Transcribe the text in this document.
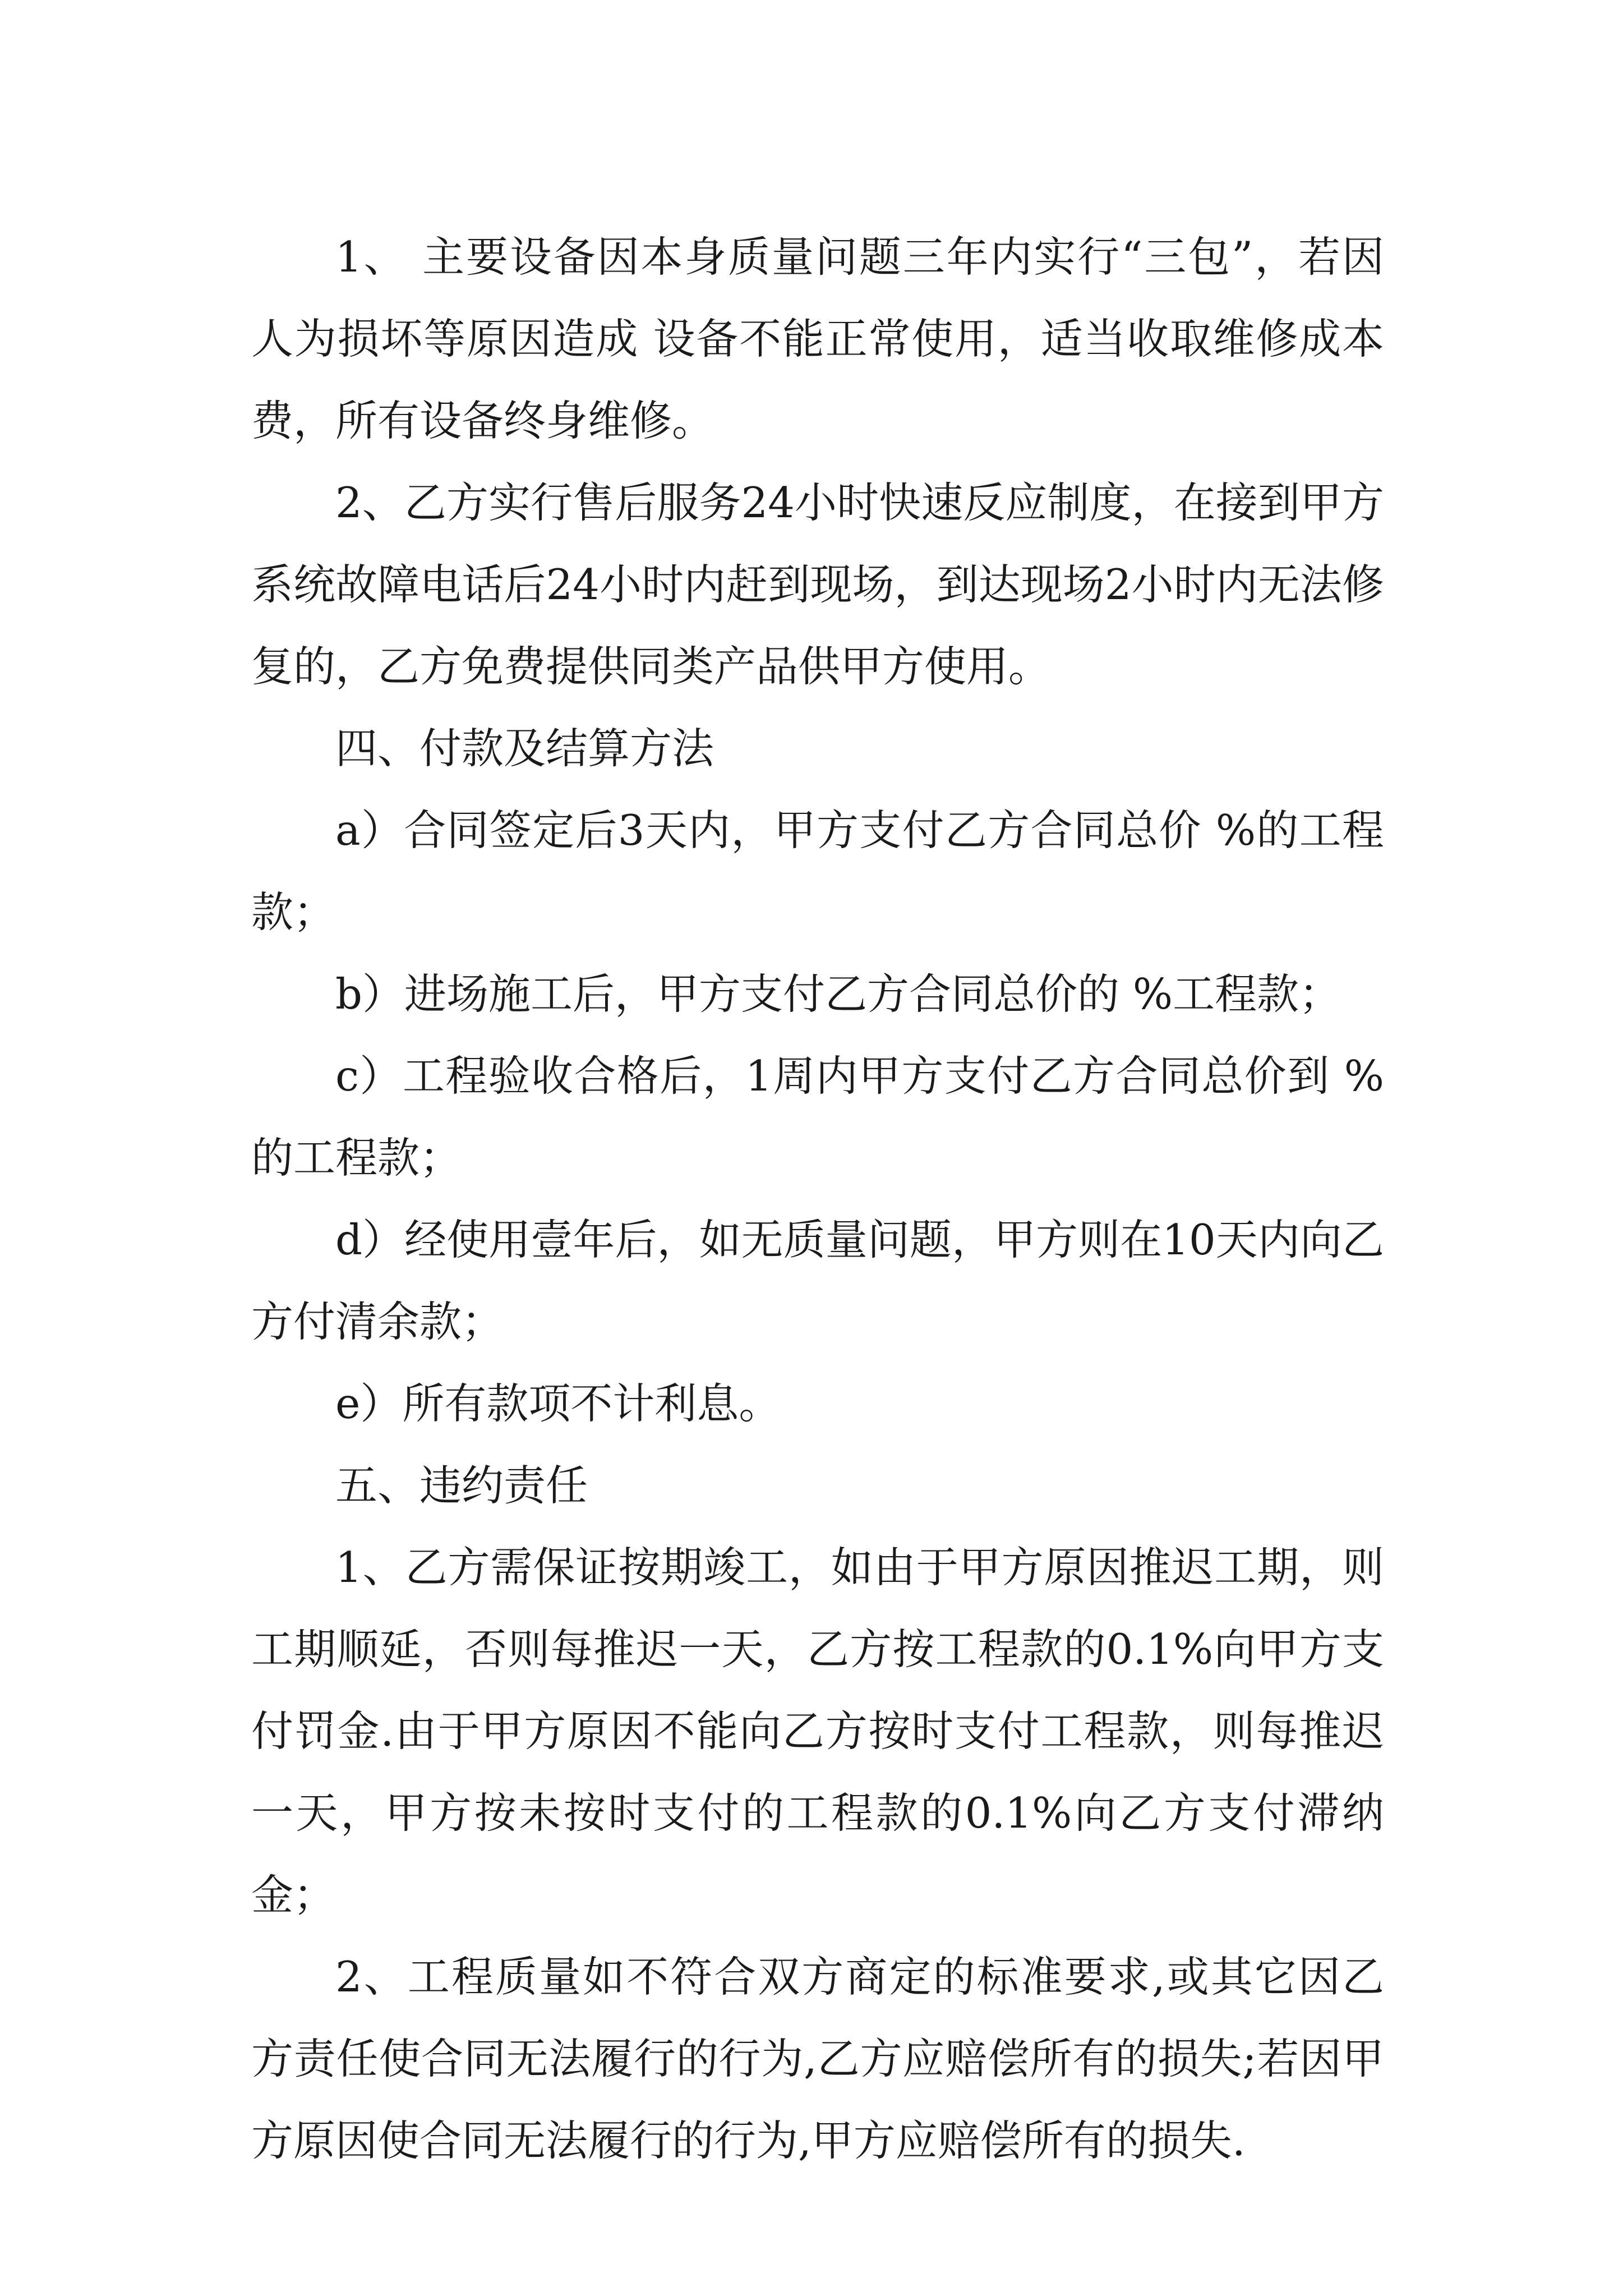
1、 主要设备因本身质量问题三年内实行“三包”，若因人为损坏等原因造成 设备不能正常使用，适当收取维修成本费，所有设备终身维修。

2、乙方实行售后服务24小时快速反应制度，在接到甲方系统故障电话后24小时内赶到现场，到达现场2小时内无法修复的，乙方免费提供同类产品供甲方使用。

四、付款及结算方法

a）合同签定后3天内，甲方支付乙方合同总价 %的工程款；

b）进场施工后，甲方支付乙方合同总价的 %工程款；

c）工程验收合格后，1周内甲方支付乙方合同总价到 %的工程款；

d）经使用壹年后，如无质量问题，甲方则在10天内向乙方付清余款；

e）所有款项不计利息。

五、违约责任

1、乙方需保证按期竣工，如由于甲方原因推迟工期，则工期顺延，否则每推迟一天，乙方按工程款的0.1%向甲方支付罚金.由于甲方原因不能向乙方按时支付工程款，则每推迟一天，甲方按未按时支付的工程款的0.1%向乙方支付滞纳金；

2、工程质量如不符合双方商定的标准要求,或其它因乙方责任使合同无法履行的行为,乙方应赔偿所有的损失;若因甲方原因使合同无法履行的行为,甲方应赔偿所有的损失.
